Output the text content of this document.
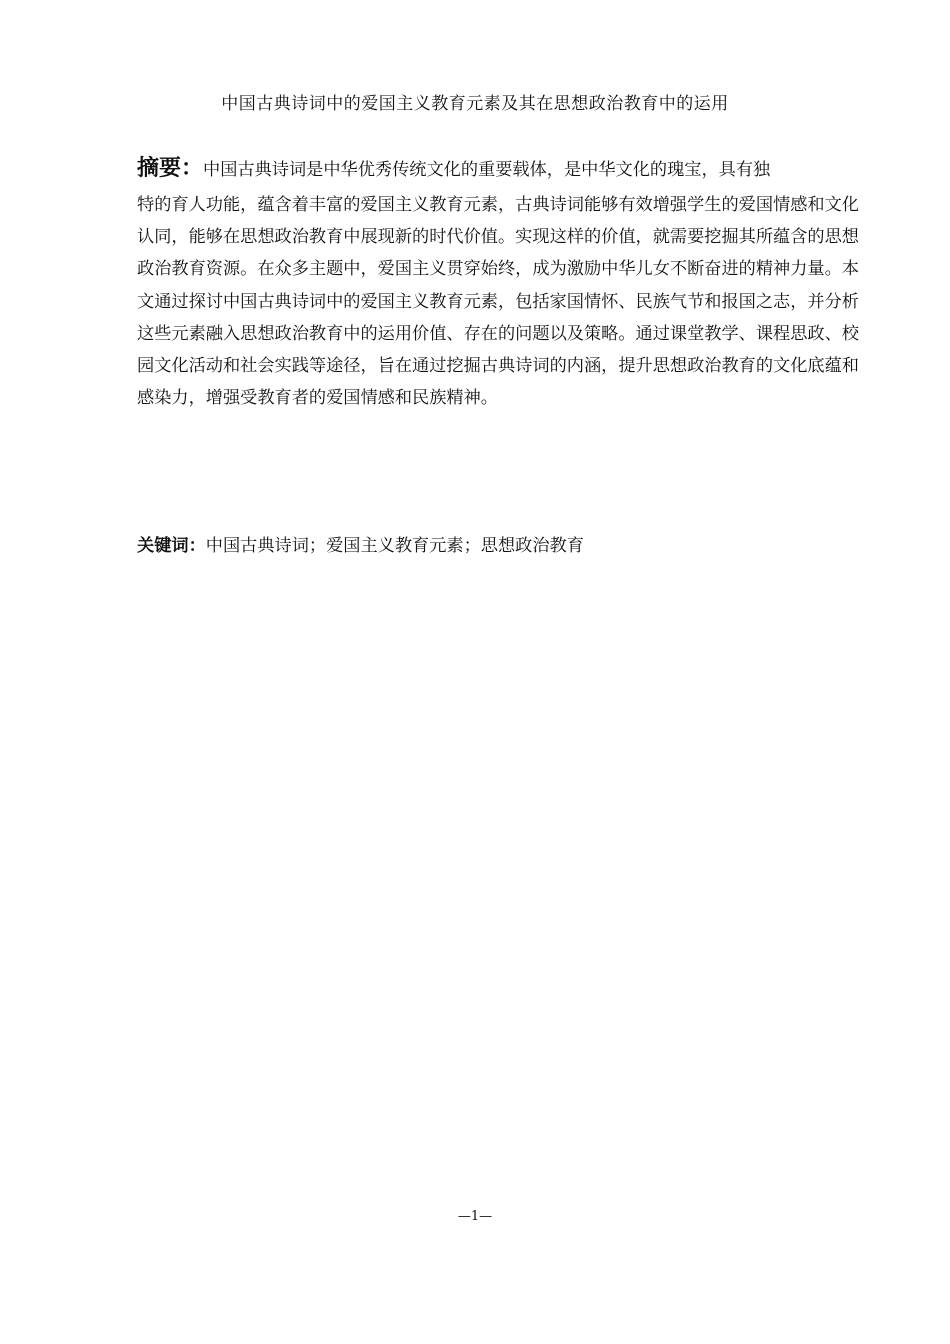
中国古典诗词中的爱国主义教育元素及其在思想政治教育中的运用
摘要：中国古典诗词是中华优秀传统文化的重要载体，是中华文化的瑰宝，具有独
特的育人功能，蕴含着丰富的爱国主义教育元素，古典诗词能够有效增强学生的爱国情感和文化认同，能够在思想政治教育中展现新的时代价值。实现这样的价值，就需要挖掘其所蕴含的思想政治教育资源。在众多主题中，爱国主义贯穿始终，成为激励中华儿女不断奋进的精神力量。本文通过探讨中国古典诗词中的爱国主义教育元素，包括家国情怀、民族气节和报国之志，并分析这些元素融入思想政治教育中的运用价值、存在的问题以及策略。通过课堂教学、课程思政、校园文化活动和社会实践等途径，旨在通过挖掘古典诗词的内涵，提升思想政治教育的文化底蕴和感染力，增强受教育者的爱国情感和民族精神。
关键词：中国古典诗词；爱国主义教育元素；思想政治教育
—1—
